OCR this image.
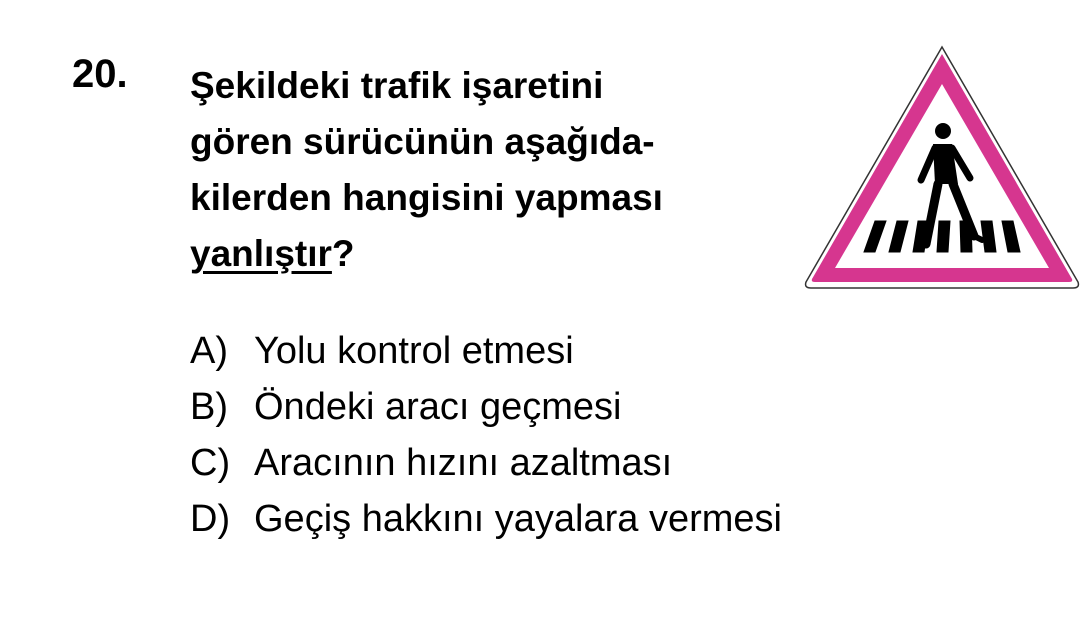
20. Şekildeki trafik işaretini
gören sürücünün aşağıda-
kilerden hangisini yapması
yanlıştır?
A) Yolu kontrol etmesi
B) Öndeki aracı geçmesi
C) Aracının hızını azaltması
D) Geçiş hakkını yayalara vermesi
